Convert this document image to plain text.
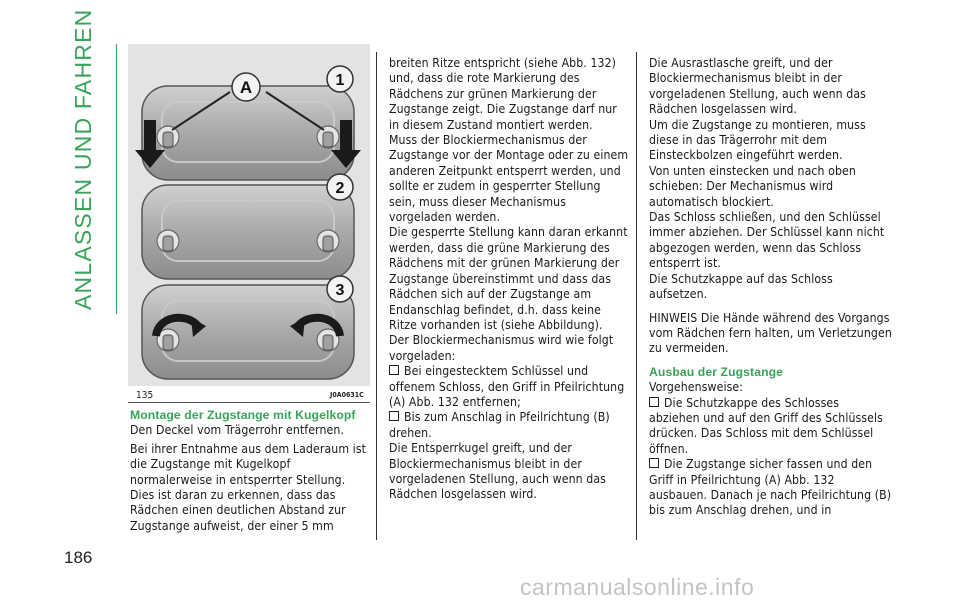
ANLASSEN UND FAHREN	A	1
2
3
135	J0A0631C
Montage der Zugstange mit Kugelkopf

Den Deckel vom Trägerrohr entfernen.

Bei ihrer Entnahme aus dem Laderaum ist die Zugstange mit Kugelkopf normalerweise in entsperrter Stellung. Dies ist daran zu erkennen, dass das Rädchen einen deutlichen Abstand zur Zugstange aufweist, der einer 5 mm

breiten Ritze entspricht (siehe Abb. 132) und, dass die rote Markierung des Rädchens zur grünen Markierung der Zugstange zeigt. Die Zugstange darf nur in diesem Zustand montiert werden.

Muss der Blockiermechanismus der Zugstange vor der Montage oder zu einem anderen Zeitpunkt entsperrt werden, und sollte er zudem in gesperrter Stellung sein, muss dieser Mechanismus vorgeladen werden.

Die gesperrte Stellung kann daran erkannt werden, dass die grüne Markierung des Rädchens mit der grünen Markierung der Zugstange übereinstimmt und dass das Rädchen sich auf der Zugstange am Endanschlag befindet, d.h. dass keine Ritze vorhanden ist (siehe Abbildung).

Der Blockiermechanismus wird wie folgt vorgeladen:

Bei eingestecktem Schlüssel und offenem Schloss, den Griff in Pfeilrichtung (A) Abb. 132 entfernen;

Bis zum Anschlag in Pfeilrichtung (B) drehen.

Die Entsperrkugel greift, und der Blockiermechanismus bleibt in der vorgeladenen Stellung, auch wenn das Rädchen losgelassen wird.

Die Ausrastlasche greift, und der Blockiermechanismus bleibt in der vorgeladenen Stellung, auch wenn das Rädchen losgelassen wird.

Um die Zugstange zu montieren, muss diese in das Trägerrohr mit dem Einsteckbolzen eingeführt werden.

Von unten einstecken und nach oben schieben: Der Mechanismus wird automatisch blockiert.

Das Schloss schließen, und den Schlüssel immer abziehen. Der Schlüssel kann nicht abgezogen werden, wenn das Schloss entsperrt ist.

Die Schutzkappe auf das Schloss aufsetzen.

HINWEIS Die Hände während des Vorgangs vom Rädchen fern halten, um Verletzungen zu vermeiden.

Ausbau der Zugstange

Vorgehensweise:

Die Schutzkappe des Schlosses abziehen und auf den Griff des Schlüssels drücken. Das Schloss mit dem Schlüssel öffnen.

Die Zugstange sicher fassen und den Griff in Pfeilrichtung (A) Abb. 132 ausbauen. Danach je nach Pfeilrichtung (B) bis zum Anschlag drehen, und in

186
carmanualsonline.info
